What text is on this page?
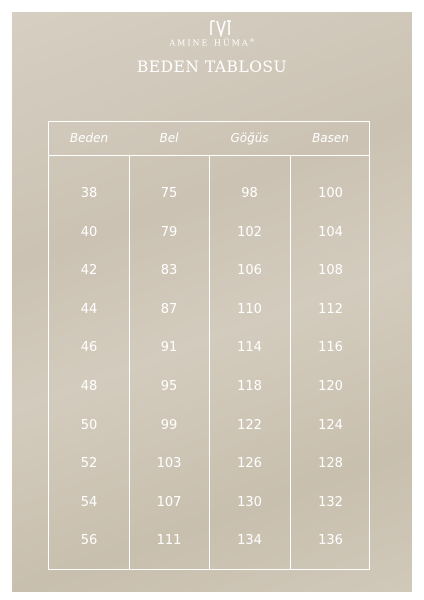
AMINE HÜMA®
BEDEN TABLOSU
Beden	Bel	Göğüs	Basen
38	75	98	100
40	79	102	104
42	83	106	108
44	87	110	112
46	91	114	116
48	95	118	120
50	99	122	124
52	103	126	128
54	107	130	132
56	111	134	136
